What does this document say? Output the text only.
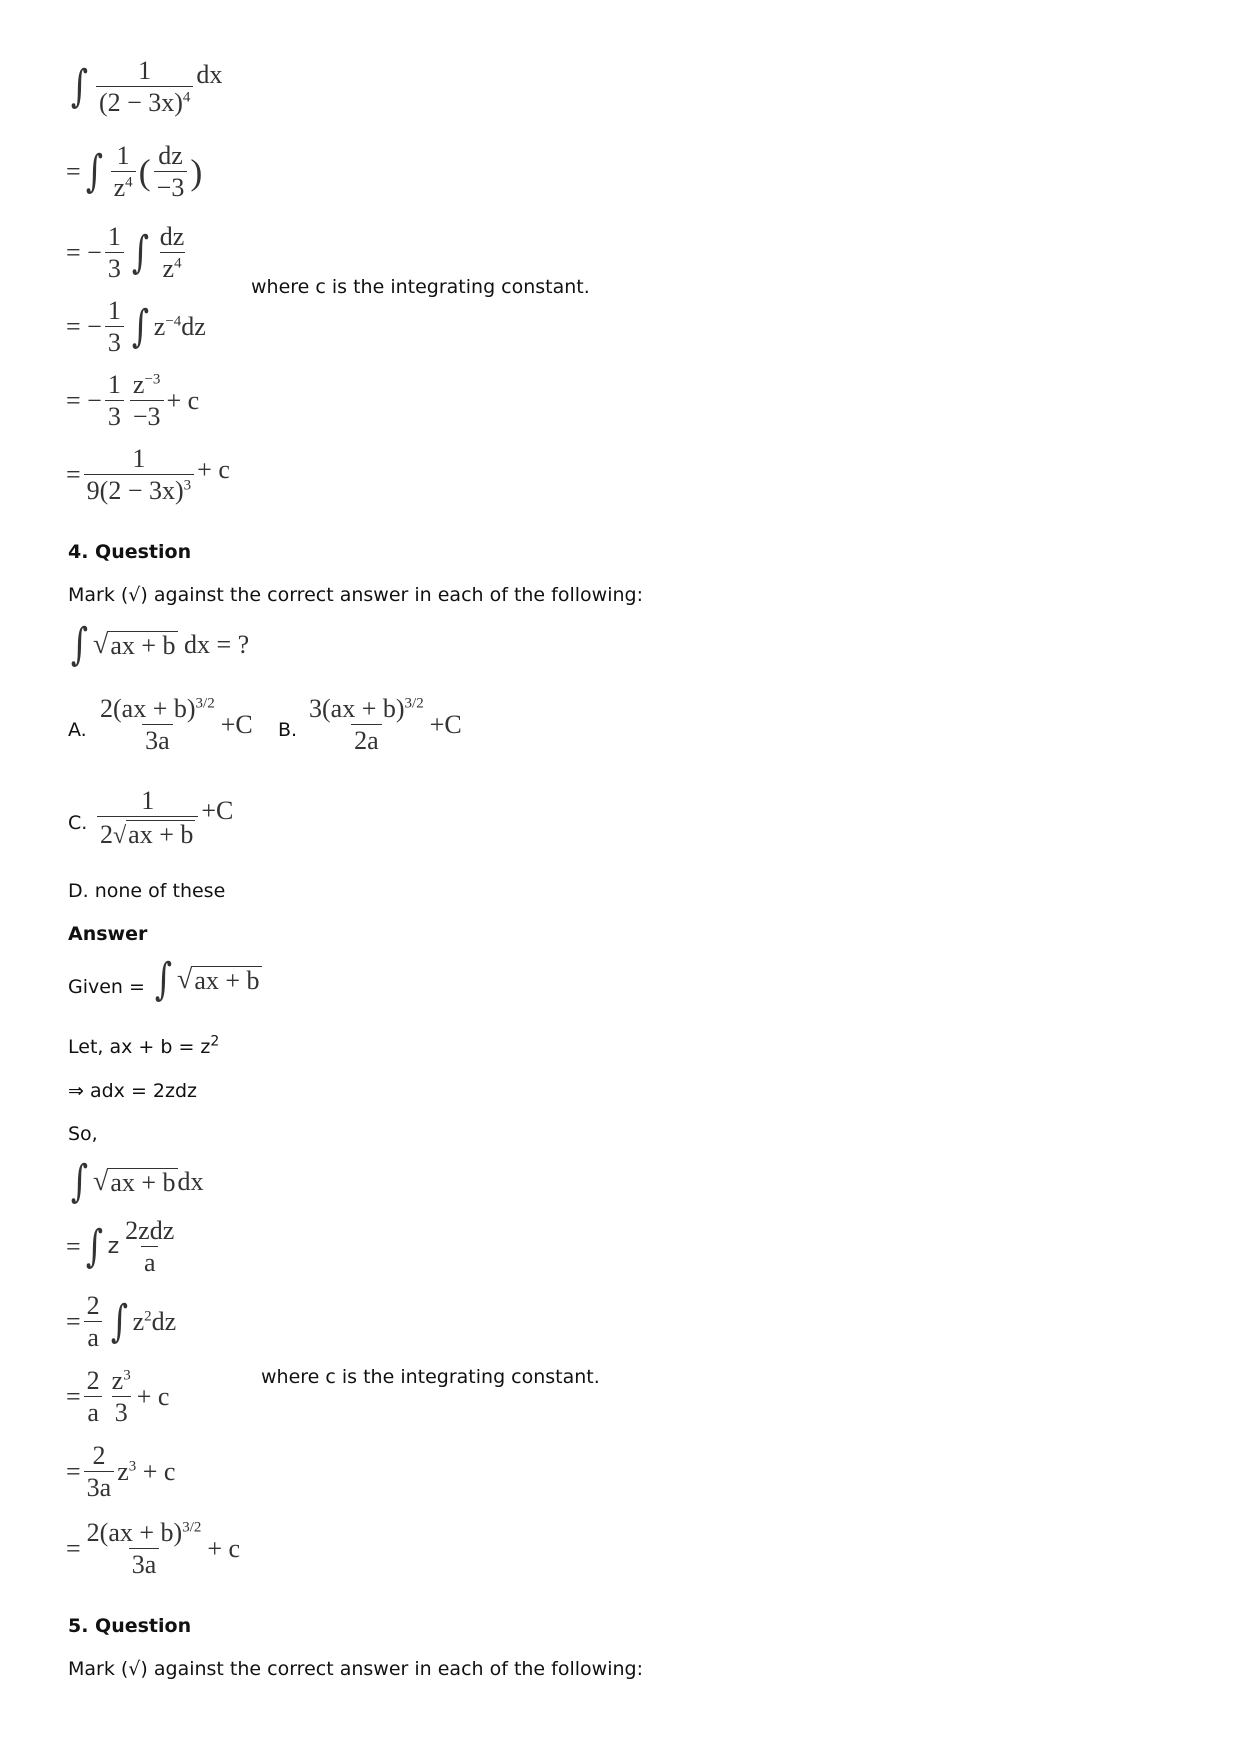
∫ $\frac{1}{(2 - 3x)^4}$ dx
= ∫ $\frac{1}{z^4}$ ( $\frac{dz}{-3}$ )
= − $\frac{1}{3}$ ∫ $\frac{dz}{z^4}$
where c is the integrating constant.
= − $\frac{1}{3}$ ∫ $z^{-4}dz$
= − $\frac{1}{3} \frac{z^{-3}}{-3} + c$
= $\frac{1}{9(2 - 3x)^3} + c$
4. Question
Mark (√) against the correct answer in each of the following:
∫ √ ax + b dx = ?
A. $\frac{2(ax + b)^{3/2}}{3a} +C$ B. $\frac{3(ax + b)^{3/2}}{2a} +C$
C. $\frac{1}{2 √ ax + b} +C$
D. none of these
Answer
Given = ∫ √ ax + b
Let, ax + $b = z^2$
⇒ adx = 2zdz
So,
∫ √ ax + b dx
= ∫ z $\frac{\text{2zdz}}{a}$
= $\frac{2}{a}$ ∫ $z^2dz$
where c is the integrating constant.
= $\frac{2}{a} \frac{z^3}{3} + c$
= $\frac{2}{3a} z^3 + c$
= $\frac{2(ax + b)^{3/2}}{3a} + c$
5. Question
Mark (√) against the correct answer in each of the following:
